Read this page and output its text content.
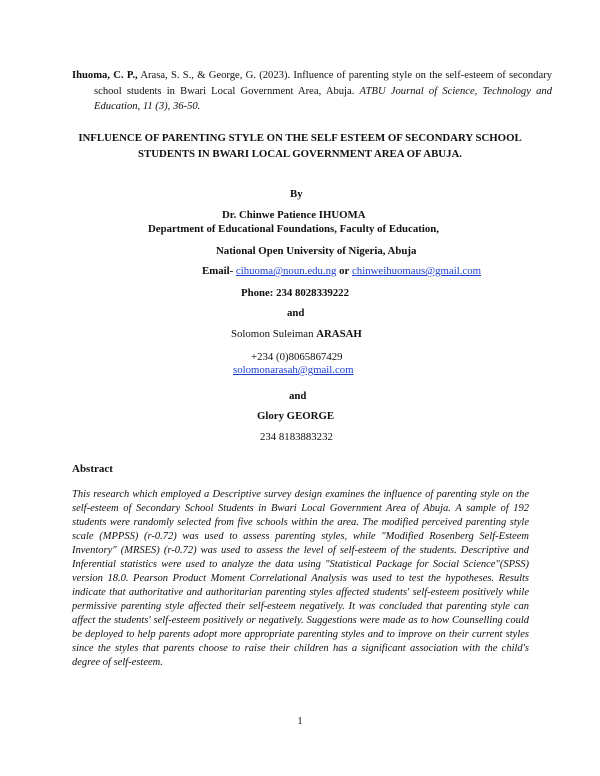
Ihuoma, C. P., Arasa, S. S., & George, G. (2023). Influence of parenting style on the self-esteem of secondary school students in Bwari Local Government Area, Abuja. ATBU Journal of Science, Technology and Education, 11 (3), 36-50.
INFLUENCE OF PARENTING STYLE ON THE SELF ESTEEM OF SECONDARY SCHOOL STUDENTS IN BWARI LOCAL GOVERNMENT AREA OF ABUJA.
By
Dr. Chinwe Patience IHUOMA
Department of Educational Foundations, Faculty of Education,
National Open University of Nigeria, Abuja
Email- cihuoma@noun.edu.ng or chinweihuomaus@gmail.com
Phone: 234 8028339222
and
Solomon Suleiman ARASAH
+234 (0)8065867429
solomonarasah@gmail.com
and
Glory GEORGE
234 8183883232
Abstract
This research which employed a Descriptive survey design examines the influence of parenting style on the self-esteem of Secondary School Students in Bwari Local Government Area of Abuja. A sample of 192 students were randomly selected from five schools within the area. The modified perceived parenting style scale (MPPSS) (r-0.72) was used to assess parenting styles, while "Modified Rosenberg Self-Esteem Inventory" (MRSES) (r-0.72) was used to assess the level of self-esteem of the students. Descriptive and Inferential statistics were used to analyze the data using "Statistical Package for Social Science"(SPSS) version 18.0. Pearson Product Moment Correlational Analysis was used to test the hypotheses. Results indicate that authoritative and authoritarian parenting styles affected students' self-esteem positively while permissive parenting style affected their self-esteem negatively. It was concluded that parenting style can affect the students' self-esteem positively or negatively. Suggestions were made as to how Counselling could be deployed to help parents adopt more appropriate parenting styles and to improve on their current styles since the styles that parents choose to raise their children has a significant association with the child's degree of self-esteem.
1
